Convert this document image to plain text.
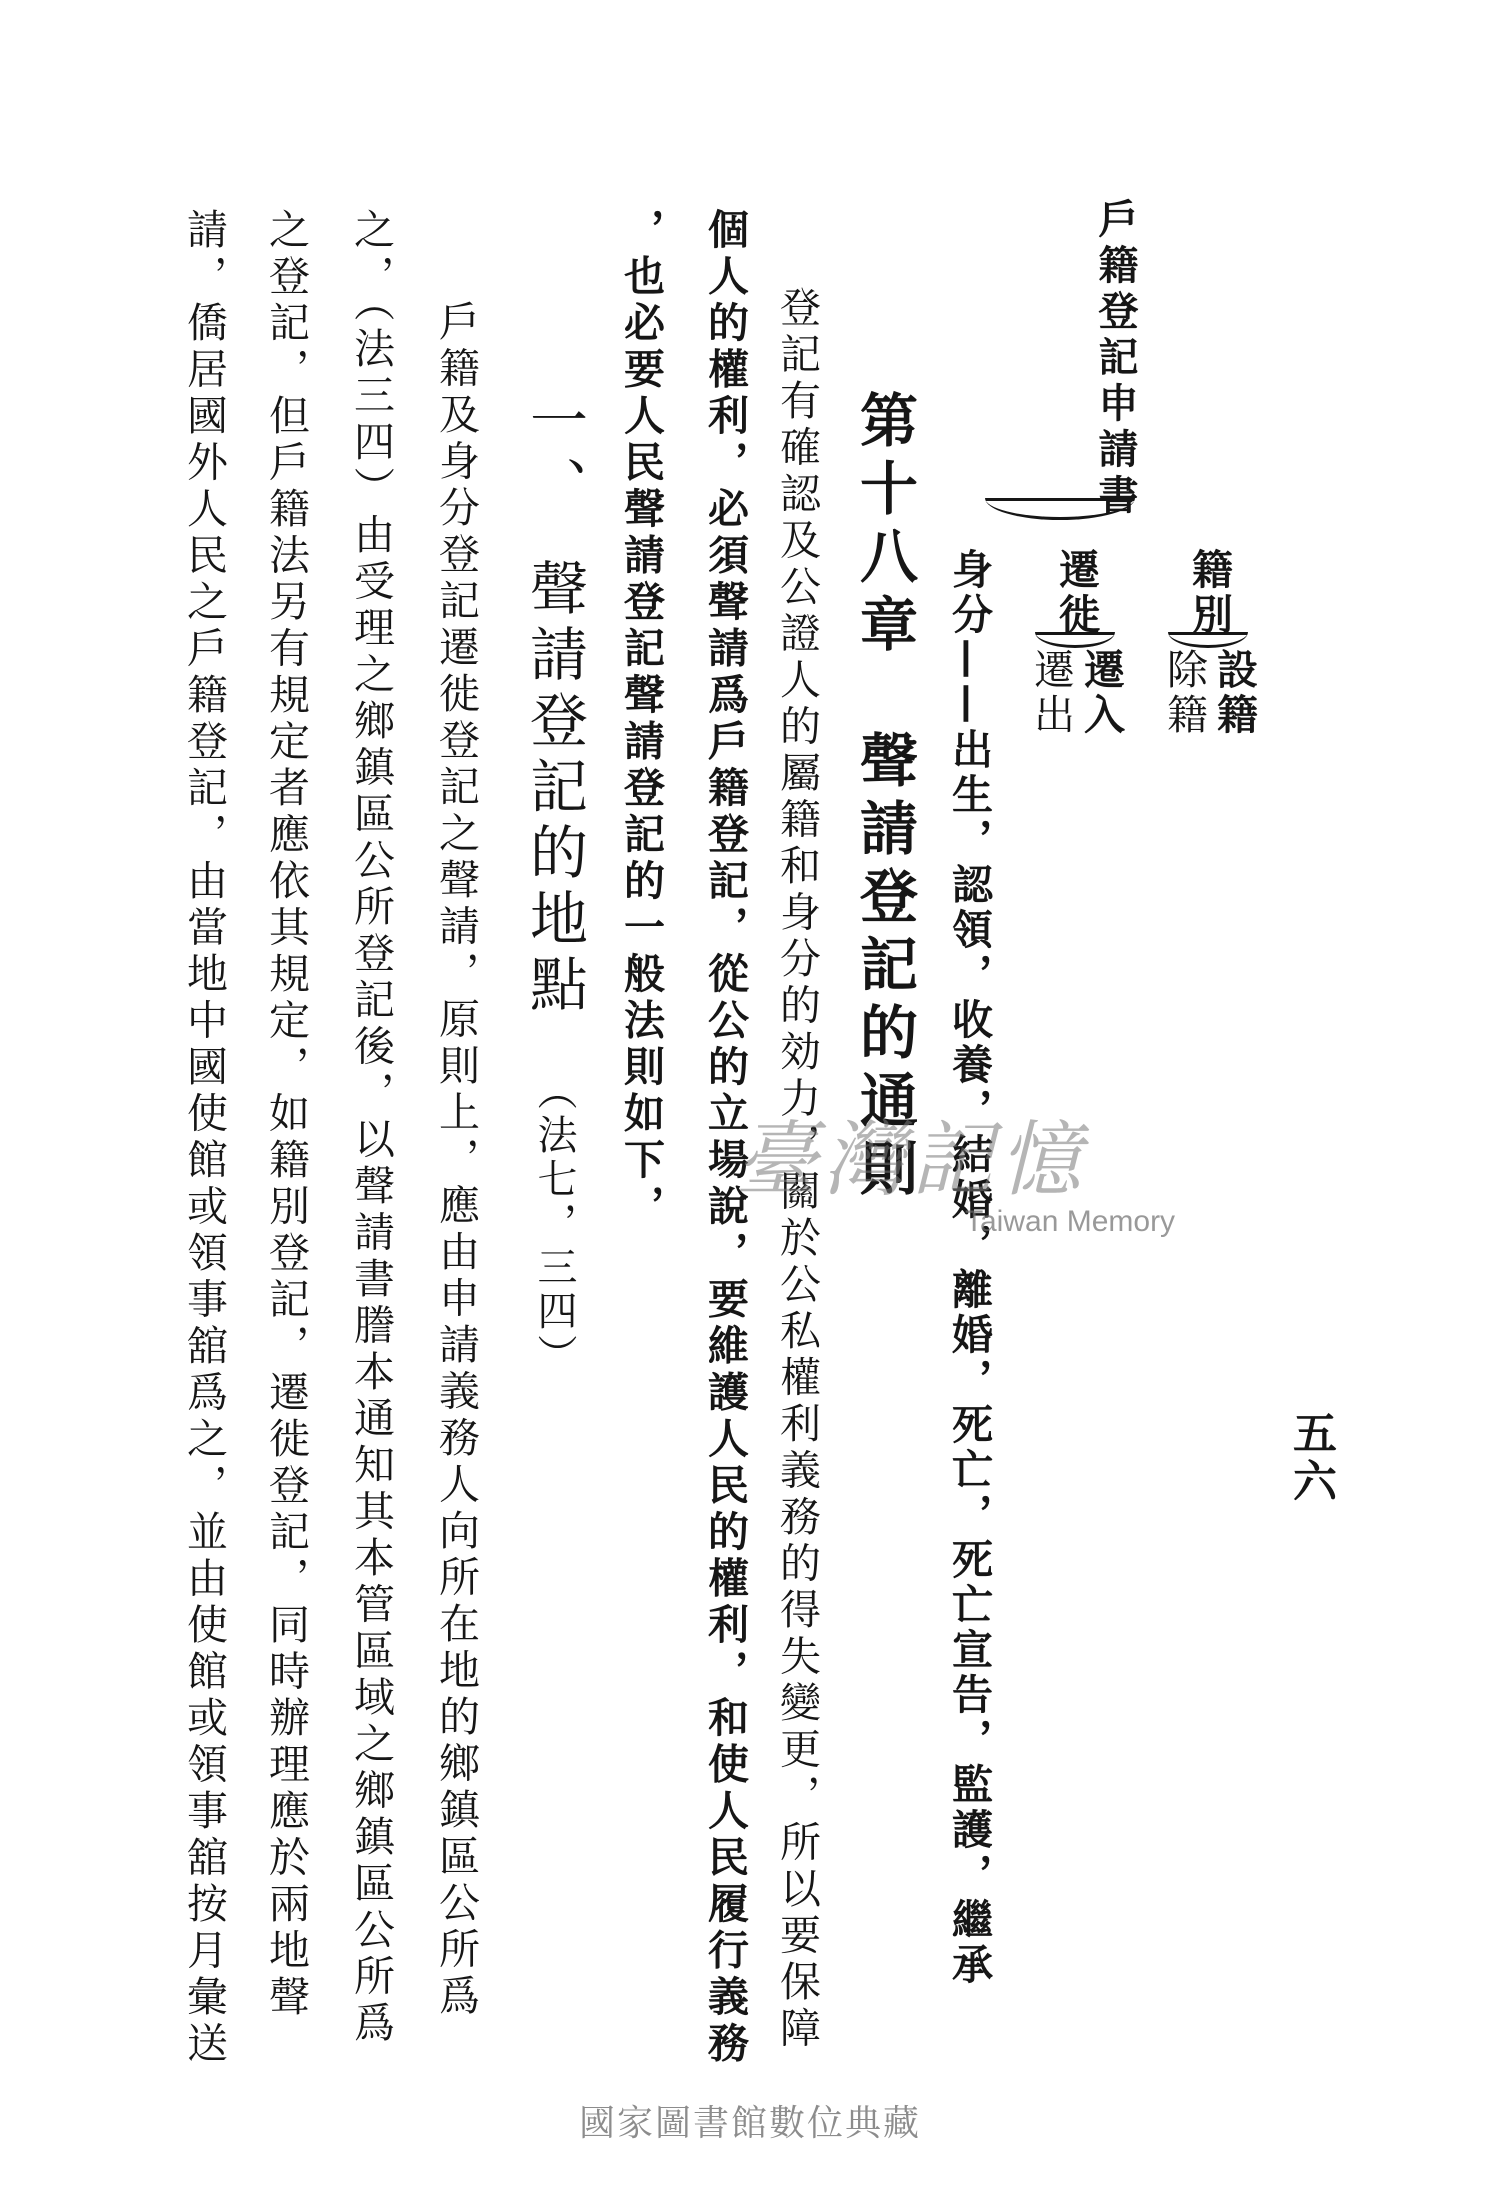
五六
戶籍登記申請書
籍別
設籍
除籍
遷徙
遷入
遷出
身分——出生，認領，收養，結婚，離婚，死亡，死亡宣告，監護，繼承
第十八章　聲請登記的通則
登記有確認及公證人的屬籍和身分的効力，關於公私權利義務的得失變更，所以要保障
個人的權利，必須聲請爲戶籍登記，從公的立場說，要維護人民的權利，和使人民履行義務
，也必要人民聲請登記聲請登記的一般法則如下，
一、聲請登記的地點（法七，三四）
戶籍及身分登記遷徙登記之聲請，原則上，應由申請義務人向所在地的鄉鎮區公所爲
之，（法三四）由受理之鄉鎮區公所登記後，以聲請書謄本通知其本管區域之鄉鎮區公所爲
之登記，但戶籍法另有規定者應依其規定，如籍別登記，遷徙登記，同時辦理應於兩地聲
請，僑居國外人民之戶籍登記，由當地中國使館或領事舘爲之，並由使館或領事舘按月彙送	臺灣記憶
Taiwan Memory
國家圖書館數位典藏
